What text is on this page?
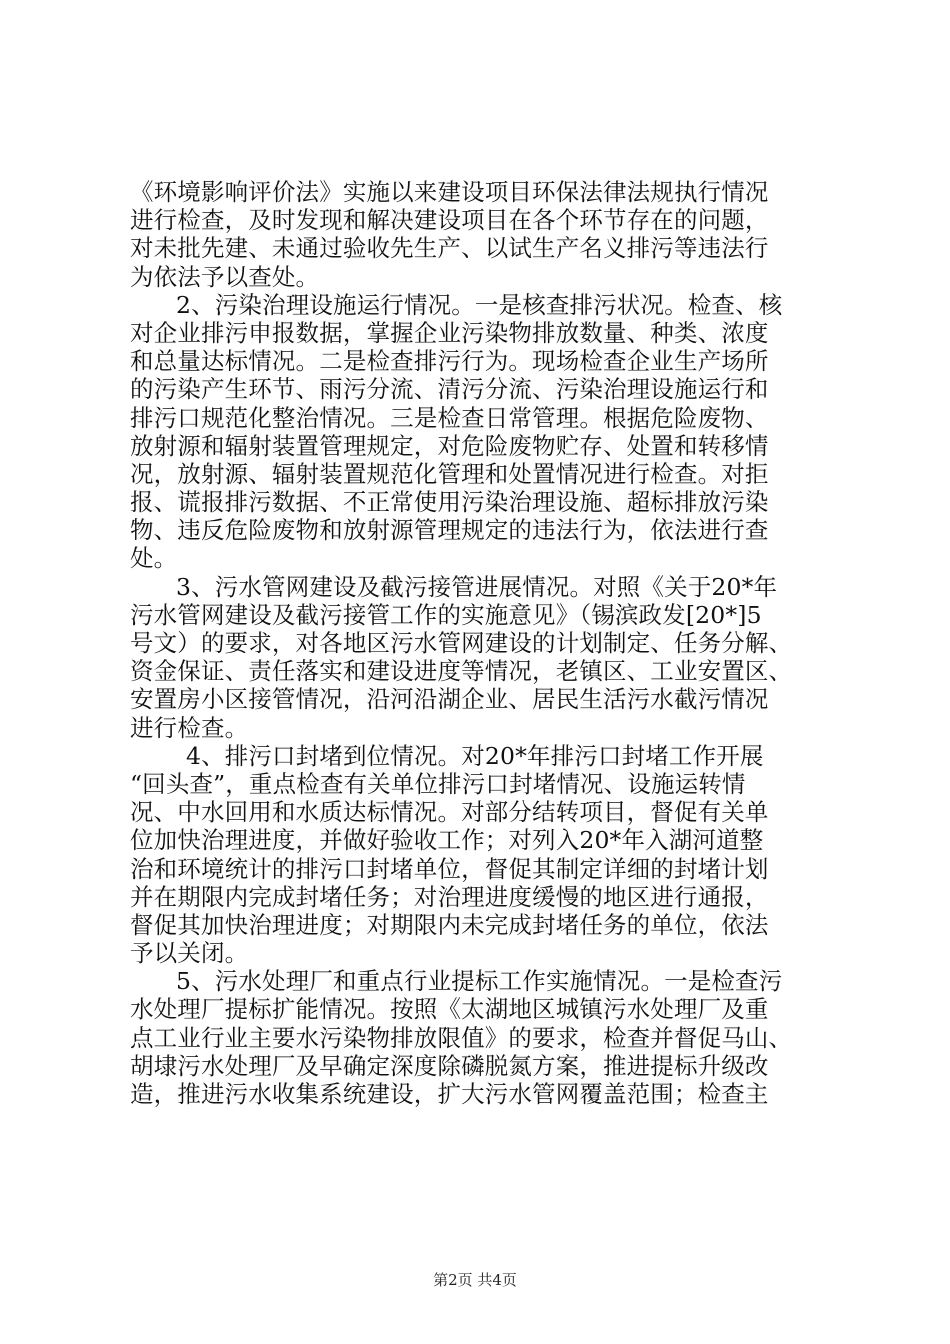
《环境影响评价法》实施以来建设项目环保法律法规执行情况
进行检查，及时发现和解决建设项目在各个环节存在的问题，
对未批先建、未通过验收先生产、以试生产名义排污等违法行
为依法予以查处。
2、污染治理设施运行情况。一是核查排污状况。检查、核
对企业排污申报数据，掌握企业污染物排放数量、种类、浓度
和总量达标情况。二是检查排污行为。现场检查企业生产场所
的污染产生环节、雨污分流、清污分流、污染治理设施运行和
排污口规范化整治情况。三是检查日常管理。根据危险废物、
放射源和辐射装置管理规定，对危险废物贮存、处置和转移情
况，放射源、辐射装置规范化管理和处置情况进行检查。对拒
报、谎报排污数据、不正常使用污染治理设施、超标排放污染
物、违反危险废物和放射源管理规定的违法行为，依法进行查
处。
3、污水管网建设及截污接管进展情况。对照《关于20*年
污水管网建设及截污接管工作的实施意见》（锡滨政发[20*]5
号文）的要求，对各地区污水管网建设的计划制定、任务分解、
资金保证、责任落实和建设进度等情况，老镇区、工业安置区、
安置房小区接管情况，沿河沿湖企业、居民生活污水截污情况
进行检查。
4、排污口封堵到位情况。对20*年排污口封堵工作开展
“回头查”，重点检查有关单位排污口封堵情况、设施运转情
况、中水回用和水质达标情况。对部分结转项目，督促有关单
位加快治理进度，并做好验收工作；对列入20*年入湖河道整
治和环境统计的排污口封堵单位，督促其制定详细的封堵计划
并在期限内完成封堵任务；对治理进度缓慢的地区进行通报，
督促其加快治理进度；对期限内未完成封堵任务的单位，依法
予以关闭。
5、污水处理厂和重点行业提标工作实施情况。一是检查污
水处理厂提标扩能情况。按照《太湖地区城镇污水处理厂及重
点工业行业主要水污染物排放限值》的要求，检查并督促马山、
胡埭污水处理厂及早确定深度除磷脱氮方案，推进提标升级改
造，推进污水收集系统建设，扩大污水管网覆盖范围；检查主
第2页 共4页
